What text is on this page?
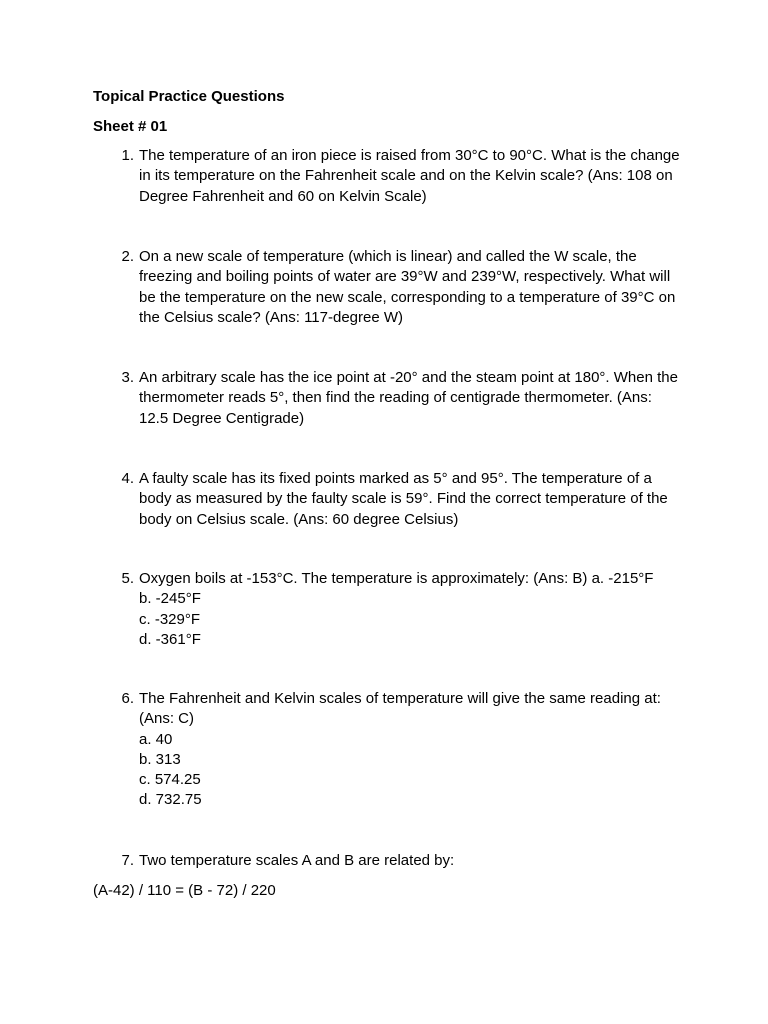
Topical Practice Questions
Sheet # 01
1. The temperature of an iron piece is raised from 30°C to 90°C. What is the change in its temperature on the Fahrenheit scale and on the Kelvin scale? (Ans: 108 on Degree Fahrenheit and 60 on Kelvin Scale)
2. On a new scale of temperature (which is linear) and called the W scale, the freezing and boiling points of water are 39°W and 239°W, respectively. What will be the temperature on the new scale, corresponding to a temperature of 39°C on the Celsius scale? (Ans: 117-degree W)
3. An arbitrary scale has the ice point at -20° and the steam point at 180°. When the thermometer reads 5°, then find the reading of centigrade thermometer. (Ans: 12.5 Degree Centigrade)
4. A faulty scale has its fixed points marked as 5° and 95°. The temperature of a body as measured by the faulty scale is 59°. Find the correct temperature of the body on Celsius scale. (Ans: 60 degree Celsius)
5. Oxygen boils at -153°C. The temperature is approximately: (Ans: B) a. -215°F
b. -245°F
c. -329°F
d. -361°F
6. The Fahrenheit and Kelvin scales of temperature will give the same reading at: (Ans: C)
a. 40
b. 313
c. 574.25
d. 732.75
7. Two temperature scales A and B are related by:
(A-42) / 110 = (B - 72) / 220
